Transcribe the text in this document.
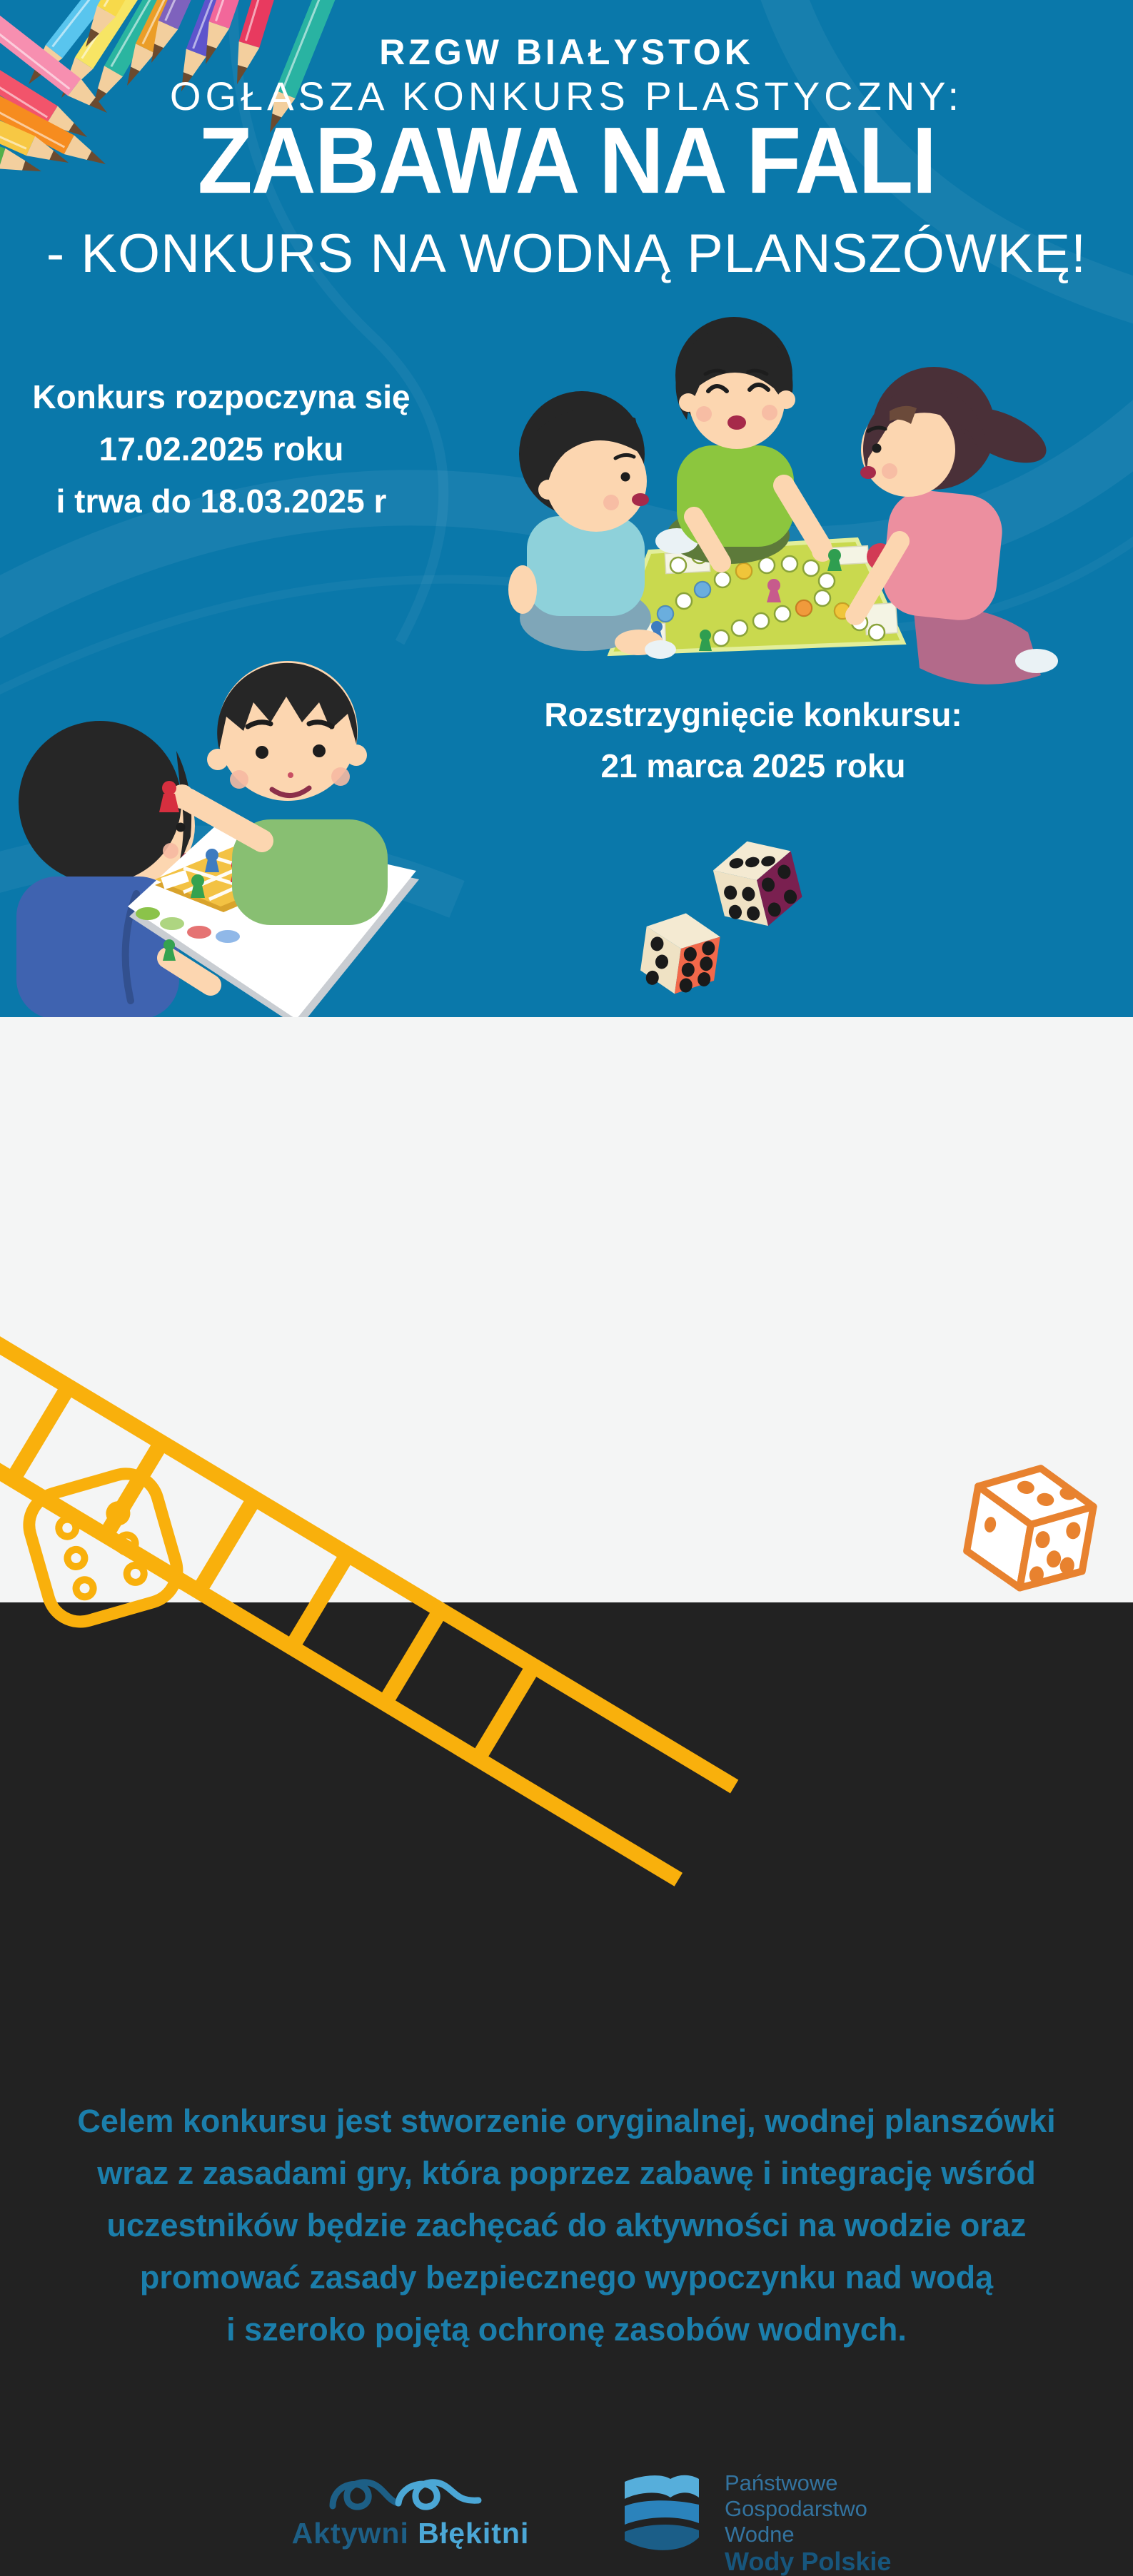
RZGW BIAŁYSTOK
OGŁASZA KONKURS PLASTYCZNY:
ZABAWA NA FALI
- KONKURS NA WODNĄ PLANSZÓWKĘ!
Konkurs rozpoczyna się
17.02.2025 roku
i trwa do 18.03.2025 r
Rozstrzygnięcie konkursu:
21 marca 2025 roku
Celem konkursu jest stworzenie oryginalnej, wodnej planszówki
wraz z zasadami gry, która poprzez zabawę i integrację wśród
uczestników będzie zachęcać do aktywności na wodzie oraz
promować zasady bezpiecznego wypoczynku nad wodą
i szeroko pojętą ochronę zasobów wodnych.
Aktywni Błękitni
Państwowe
Gospodarstwo Wodne
Wody Polskie
